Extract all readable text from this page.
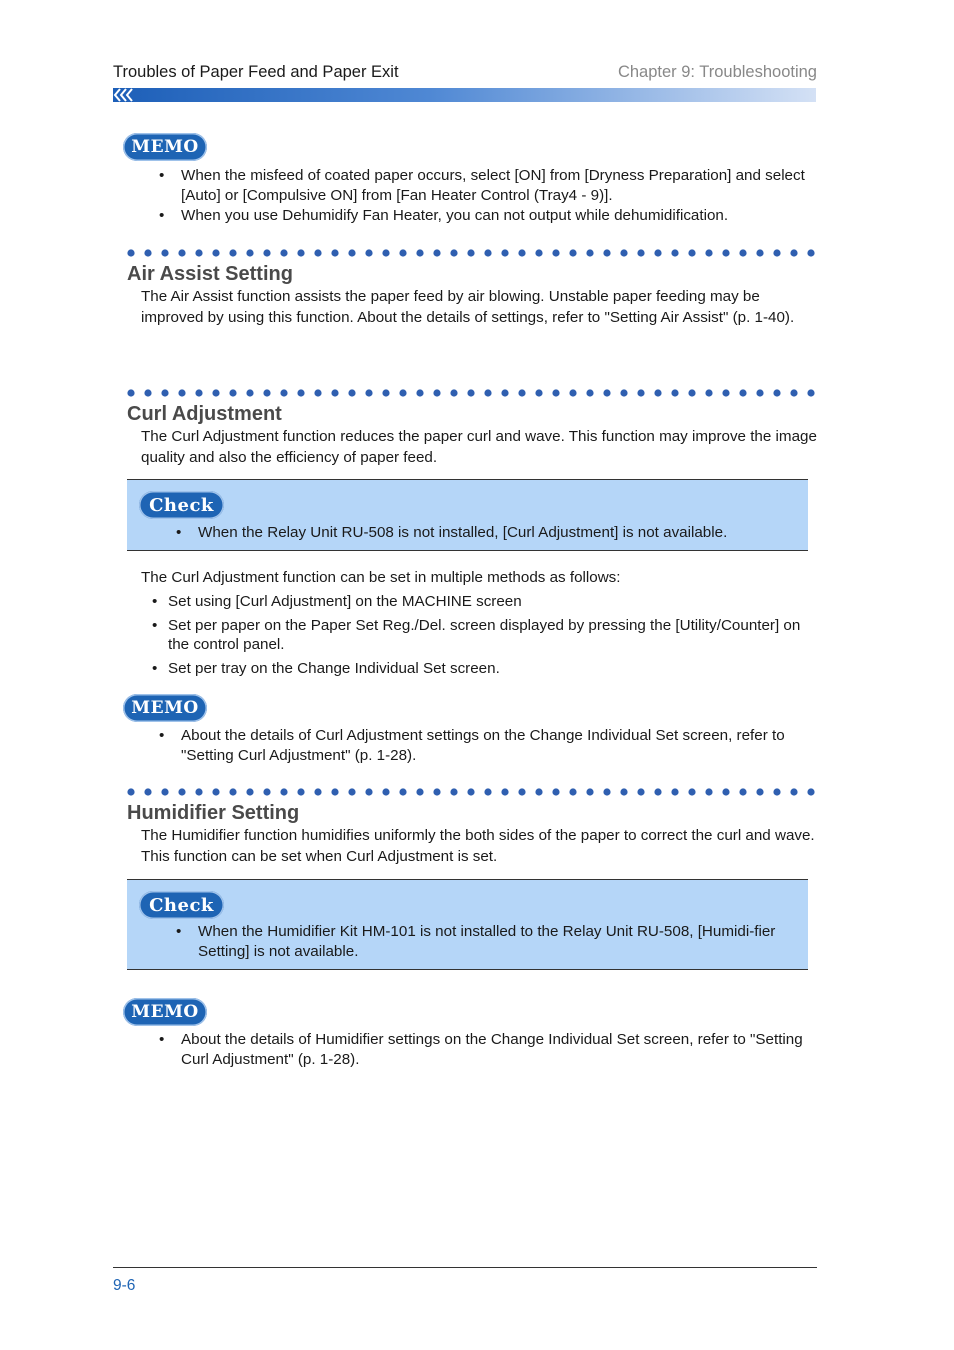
Troubles of Paper Feed and Paper Exit	Chapter 9: Troubleshooting
MEMO
• When the misfeed of coated paper occurs, select [ON] from [Dryness Preparation] and select [Auto] or [Compulsive ON] from [Fan Heater Control (Tray4 - 9)].
• When you use Dehumidify Fan Heater, you can not output while dehumidification.
Air Assist Setting
The Air Assist function assists the paper feed by air blowing. Unstable paper feeding may be improved by using this function. About the details of settings, refer to "Setting Air Assist" (p. 1-40).
Curl Adjustment
The Curl Adjustment function reduces the paper curl and wave. This function may improve the image quality and also the efficiency of paper feed.
Check
• When the Relay Unit RU-508 is not installed, [Curl Adjustment] is not available.
The Curl Adjustment function can be set in multiple methods as follows:
• Set using [Curl Adjustment] on the MACHINE screen
• Set per paper on the Paper Set Reg./Del. screen displayed by pressing the [Utility/Counter] on the control panel.
• Set per tray on the Change Individual Set screen.
MEMO
• About the details of Curl Adjustment settings on the Change Individual Set screen, refer to "Setting Curl Adjustment" (p. 1-28).
Humidifier Setting
The Humidifier function humidifies uniformly the both sides of the paper to correct the curl and wave. This function can be set when Curl Adjustment is set.
Check
• When the Humidifier Kit HM-101 is not installed to the Relay Unit RU-508, [Humidi-fier Setting] is not available.
MEMO
• About the details of Humidifier settings on the Change Individual Set screen, refer to "Setting Curl Adjustment" (p. 1-28).
9-6
